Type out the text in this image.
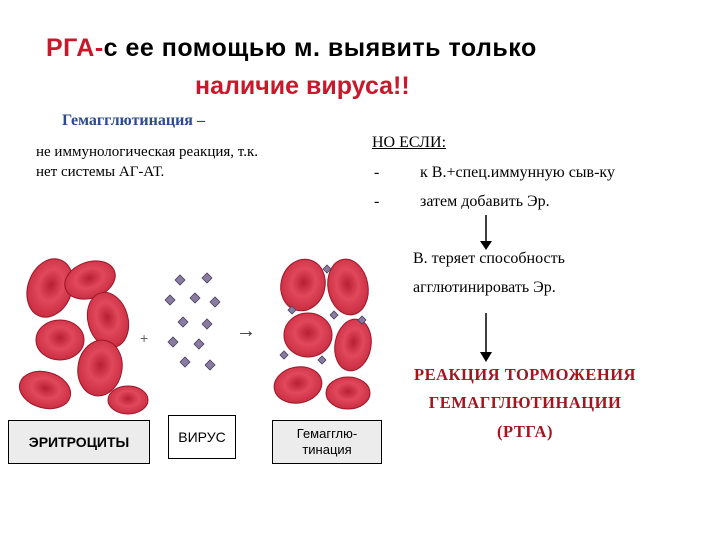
РГА-с ее помощью м. выявить только
наличие вируса!!
Гемагглютинация –
не иммунологическая реакция, т.к.
нет системы АГ-АТ.
НО ЕСЛИ:
-	к В.+спец.иммунную сыв-ку
-	затем добавить Эр.
В. теряет способность
агглютинировать Эр.
РЕАКЦИЯ ТОРМОЖЕНИЯ
ГЕМАГГЛЮТИНАЦИИ
(РТГА)
+	→
ЭРИТРОЦИТЫ	ВИРУС	Гемагглю-
тинация
